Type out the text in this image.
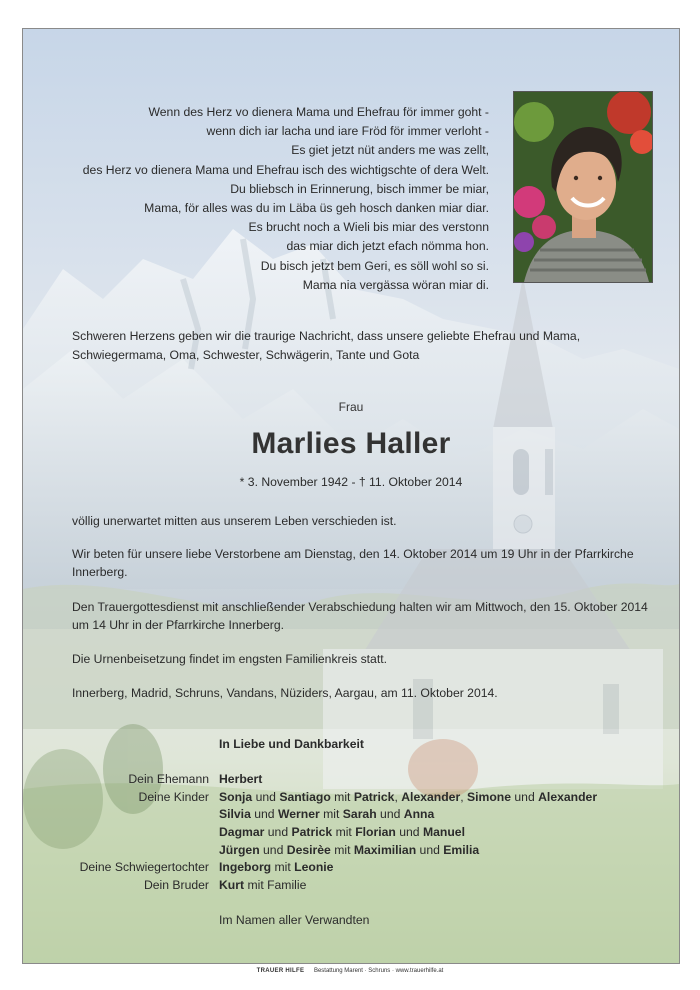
Wenn des Herz vo dienera Mama und Ehefrau för immer goht -
wenn dich iar lacha und iare Fröd för immer verloht -
Es giet jetzt nüt anders me was zellt,
des Herz vo dienera Mama und Ehefrau isch des wichtigschte of dera Welt.
Du bliebsch in Erinnerung, bisch immer be miar,
Mama, för alles was du im Läba üs geh hosch danken miar diar.
Es brucht noch a Wieli bis miar des verstonn
das miar dich jetzt efach nömma hon.
Du bisch jetzt bem Geri, es söll wohl so si.
Mama nia vergässa wöran miar di.
Schweren Herzens geben wir die traurige Nachricht, dass unsere geliebte Ehefrau und Mama, Schwiegermama, Oma, Schwester, Schwägerin, Tante und Gota
Frau
Marlies Haller
* 3. November 1942 - † 11. Oktober 2014
völlig unerwartet mitten aus unserem Leben verschieden ist.
Wir beten für unsere liebe Verstorbene am Dienstag, den 14. Oktober 2014 um 19 Uhr in der Pfarrkirche Innerberg.
Den Trauergottesdienst mit anschließender Verabschiedung halten wir am Mittwoch, den 15. Oktober 2014 um 14 Uhr in der Pfarrkirche Innerberg.
Die Urnenbeisetzung findet im engsten Familienkreis statt.
Innerberg, Madrid, Schruns, Vandans, Nüziders, Aargau, am 11. Oktober 2014.
In Liebe und Dankbarkeit
Dein Ehemann Herbert
Deine Kinder Sonja und Santiago mit Patrick, Alexander, Simone und Alexander
Silvia und Werner mit Sarah und Anna
Dagmar und Patrick mit Florian und Manuel
Jürgen und Desirèe mit Maximilian und Emilia
Deine Schwiegertochter Ingeborg mit Leonie
Dein Bruder Kurt mit Familie
Im Namen aller Verwandten
TRAUER HILFE Bestattung Marent · Schruns · www.trauerhilfe.at
